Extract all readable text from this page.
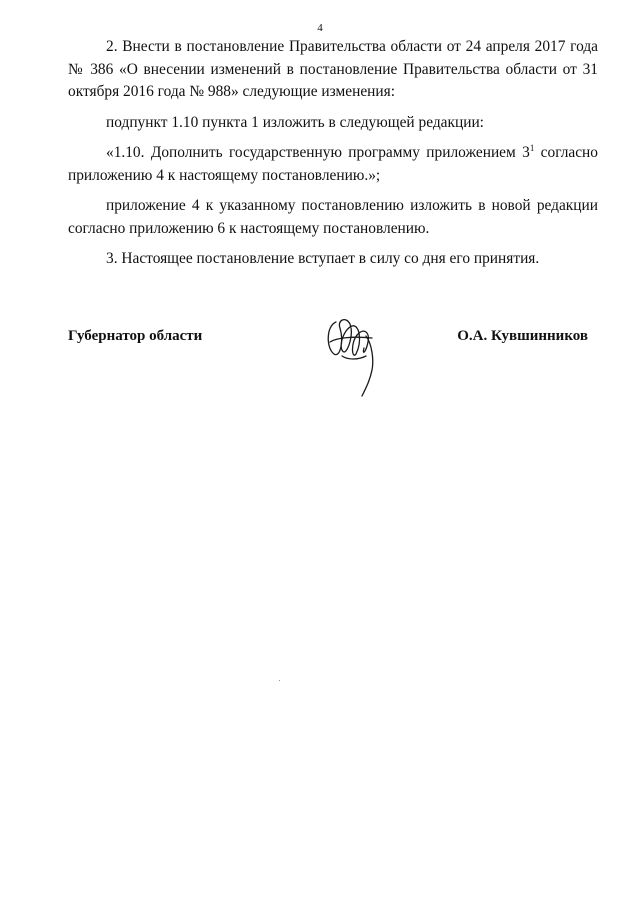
4

2. Внести в постановление Правительства области от 24 апреля 2017 года № 386 «О внесении изменений в постановление Правительства области от 31 октября 2016 года № 988» следующие изменения:

подпункт 1.10 пункта 1 изложить в следующей редакции:

«1.10. Дополнить государственную программу приложением $3^1$ согласно приложению 4 к настоящему постановлению.»;

приложение 4 к указанному постановлению изложить в новой редакции согласно приложению 6 к настоящему постановлению.

3. Настоящее постановление вступает в силу со дня его принятия.

Губернатор области	О.А. Кувшинников
